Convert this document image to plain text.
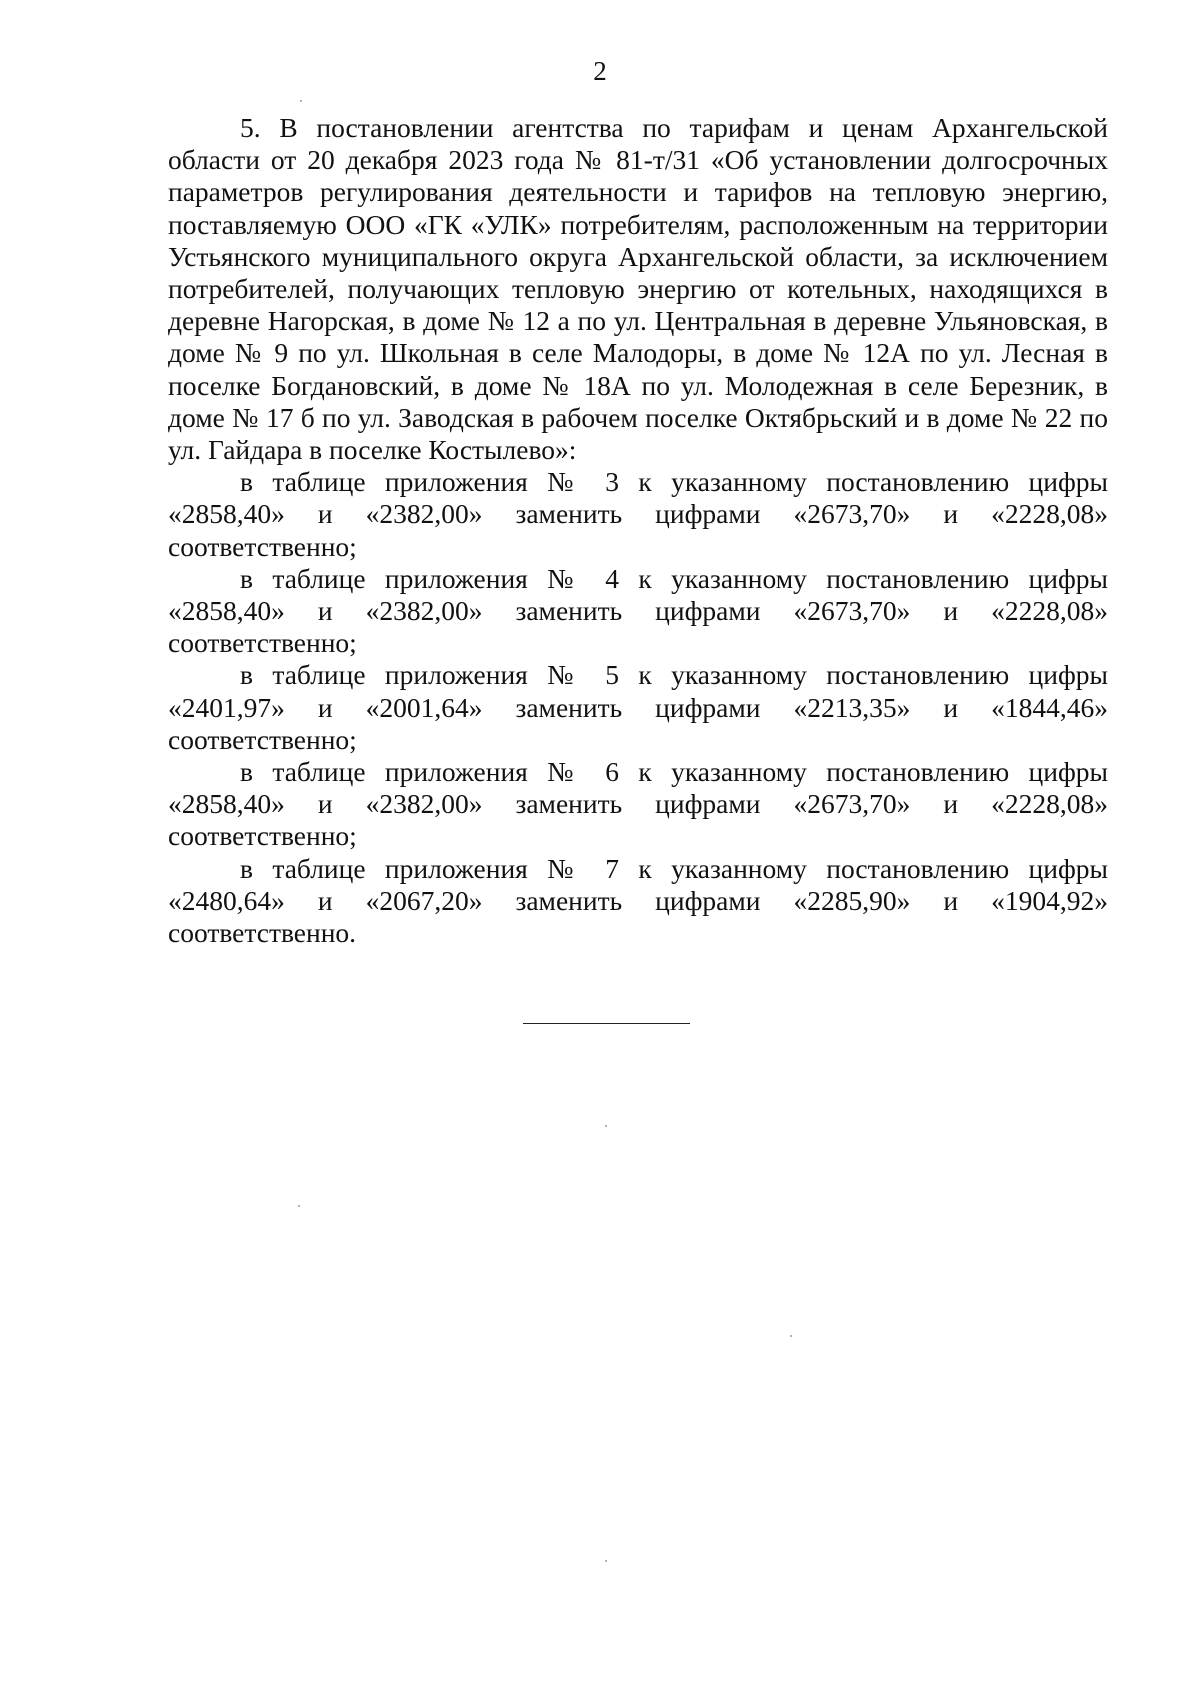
2

5. В постановлении агентства по тарифам и ценам Архангельской области от 20 декабря 2023 года № 81-т/31 «Об установлении долгосрочных параметров регулирования деятельности и тарифов на тепловую энергию, поставляемую ООО «ГК «УЛК» потребителям, расположенным на территории Устьянского муниципального округа Архангельской области, за исключением потребителей, получающих тепловую энергию от котельных, находящихся в деревне Нагорская, в доме № 12 а по ул. Центральная в деревне Ульяновская, в доме № 9 по ул. Школьная в селе Малодоры, в доме № 12А по ул. Лесная в поселке Богдановский, в доме № 18А по ул. Молодежная в селе Березник, в доме № 17 б по ул. Заводская в рабочем поселке Октябрьский и в доме № 22 по ул. Гайдара в поселке Костылево»:

в таблице приложения № 3 к указанному постановлению цифры «2858,40» и «2382,00» заменить цифрами «2673,70» и «2228,08» соответственно;

в таблице приложения № 4 к указанному постановлению цифры «2858,40» и «2382,00» заменить цифрами «2673,70» и «2228,08» соответственно;

в таблице приложения № 5 к указанному постановлению цифры «2401,97» и «2001,64» заменить цифрами «2213,35» и «1844,46» соответственно;

в таблице приложения № 6 к указанному постановлению цифры «2858,40» и «2382,00» заменить цифрами «2673,70» и «2228,08» соответственно;

в таблице приложения № 7 к указанному постановлению цифры «2480,64» и «2067,20» заменить цифрами «2285,90» и «1904,92» соответственно.
